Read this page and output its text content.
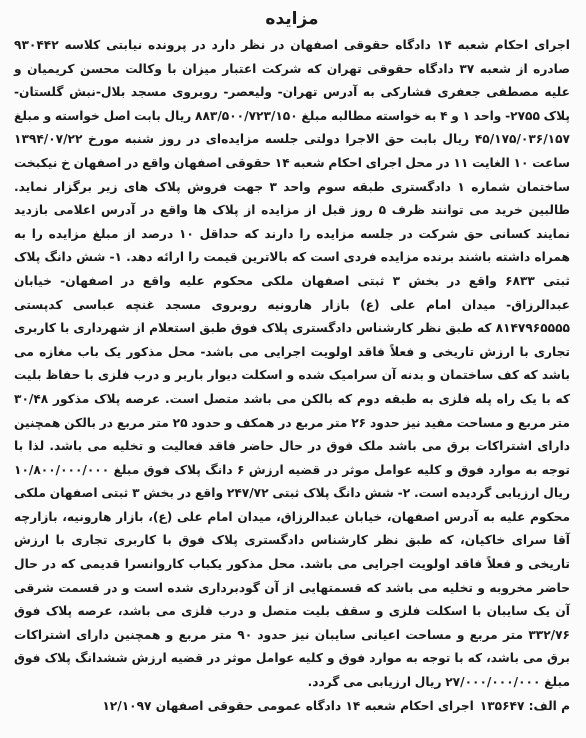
مزایده

اجرای احکام شعبه ۱۴ دادگاه حقوقی اصفهان در نظر دارد در پرونده نیابتی کلاسه ۹۳۰۴۴۲ صادره از شعبه ۳۷ دادگاه حقوقی تهران که شرکت اعتبار میزان با وکالت محسن کریمیان و علیه مصطفی جعفری فشارکی به آدرس تهران- ولیعصر- روبروی مسجد بلال-نبش گلستان- پلاک ۲۷۵۵- واحد ۱ و ۴ به خواسته مطالبه مبلغ ۸۸۳/۵۰۰/۷۲۳/۱۵۰ ریال بابت اصل خواسته و مبلغ ۴۵/۱۷۵/۰۳۶/۱۵۷ ریال بابت حق الاجرا دولتی جلسه مزایده‌ای در روز شنبه مورخ ۱۳۹۴/۰۷/۲۲ ساعت ۱۰ الغایت ۱۱ در محل اجرای احکام شعبه ۱۴ حقوقی اصفهان واقع در اصفهان خ نیکبخت ساختمان شماره ۱ دادگستری طبقه سوم واحد ۳ جهت فروش پلاک های زیر برگزار نماید. طالبین خرید می توانند ظرف ۵ روز قبل از مزایده از پلاک ها واقع در آدرس اعلامی بازدید نمایند کسانی حق شرکت در جلسه مزایده را دارند که حداقل ۱۰ درصد از مبلغ مزایده را به همراه داشته باشند برنده مزایده فردی است که بالاترین قیمت را ارائه دهد. ۱- شش دانگ پلاک ثبتی ۶۸۳۳ واقع در بخش ۳ ثبتی اصفهان ملکی محکوم علیه واقع در اصفهان- خیابان عبدالرزاق- میدان امام علی (ع) بازار هارونیه روبروی مسجد غنچه عباسی کدپستی ۸۱۴۷۹۶۵۵۵۵ که طبق نظر کارشناس دادگستری پلاک فوق طبق استعلام از شهرداری با کاربری تجاری با ارزش تاریخی و فعلاً فاقد اولویت اجرایی می باشد- محل مذکور یک باب مغازه می باشد که کف ساختمان و بدنه آن سرامیک شده و اسکلت دیوار باربر و درب فلزی با حفاظ بلیت که با یک راه پله فلزی به طبقه دوم که بالکن می باشد متصل است. عرصه پلاک مذکور ۳۰/۴۸ متر مربع و مساحت مفید نیز حدود ۲۶ متر مربع در همکف و حدود ۲۵ متر مربع در بالکن همچنین دارای اشتراکات برق می باشد ملک فوق در حال حاضر فاقد فعالیت و تخلیه می باشد. لذا با توجه به موارد فوق و کلیه عوامل موثر در قضیه ارزش ۶ دانگ پلاک فوق مبلغ ۱۰/۸۰۰/۰۰۰/۰۰۰ ریال ارزیابی گردیده است. ۲- شش دانگ پلاک ثبتی ۲۴۷/۷۲ واقع در بخش ۳ ثبتی اصفهان ملکی محکوم علیه به آدرس اصفهان، خیابان عبدالرزاق، میدان امام علی (ع)، بازار هارونیه، بازارچه آقا سرای خاکیان، که طبق نظر کارشناس دادگستری پلاک فوق با کاربری تجاری با ارزش تاریخی و فعلاً فاقد اولویت اجرایی می باشد. محل مذکور یکباب کاروانسرا قدیمی که در حال حاضر مخروبه و تخلیه می باشد که قسمتهایی از آن گودبرداری شده است و در قسمت شرقی آن یک سایبان با اسکلت فلزی و سقف بلیت متصل و درب فلزی می باشد، عرصه پلاک فوق ۳۳۲/۷۶ متر مربع و مساحت اعیانی سایبان نیز حدود ۹۰ متر مربع و همچنین دارای اشتراکات برق می باشد، که با توجه به موارد فوق و کلیه عوامل موثر در قضیه ارزش ششدانگ پلاک فوق مبلغ ۲۷/۰۰۰/۰۰۰/۰۰۰ ریال ارزیابی می گردد.

م الف: ۱۳۵۶۴۷
اجرای احکام شعبه ۱۴ دادگاه عمومی حقوقی اصفهان ۱۲/۱۰۹۷
